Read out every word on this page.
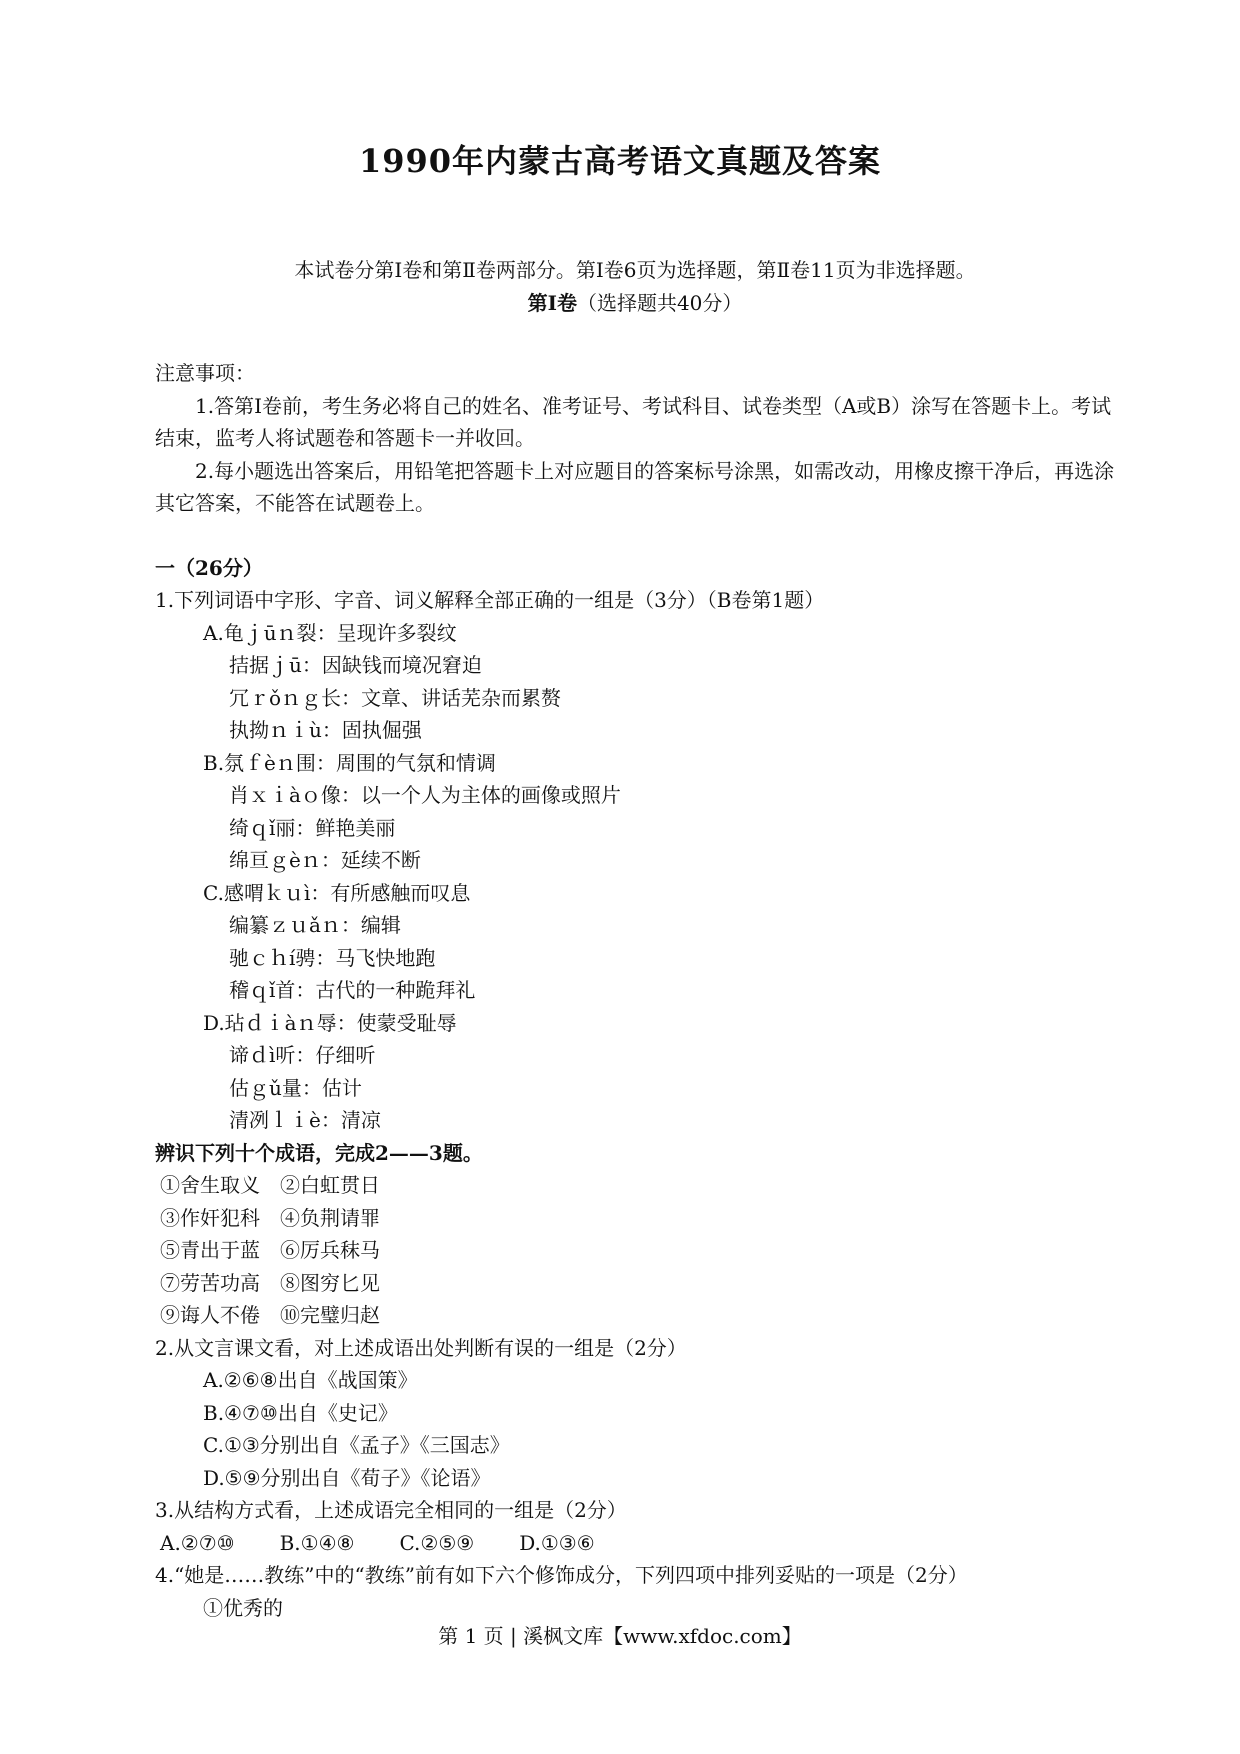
1990年内蒙古高考语文真题及答案

本试卷分第Ⅰ卷和第Ⅱ卷两部分。第Ⅰ卷6页为选择题，第Ⅱ卷11页为非选择题。

第Ⅰ卷（选择题共40分）

注意事项：

1.答第Ⅰ卷前，考生务必将自己的姓名、准考证号、考试科目、试卷类型（A或B）涂写在答题卡上。考试结束，监考人将试题卷和答题卡一并收回。

2.每小题选出答案后，用铅笔把答题卡上对应题目的答案标号涂黑，如需改动，用橡皮擦干净后，再选涂其它答案，不能答在试题卷上。

一（26分）

1.下列词语中字形、字音、词义解释全部正确的一组是（3分）（B卷第1题）

A.龟ｊūｎ裂：呈现许多裂纹

拮据ｊū：因缺钱而境况窘迫

冗ｒǒｎｇ长：文章、讲话芜杂而累赘

执拗ｎｉù：固执倔强

B.氛ｆèｎ围：周围的气氛和情调

肖ｘｉàｏ像：以一个人为主体的画像或照片

绮ｑǐ丽：鲜艳美丽

绵亘ｇèｎ：延续不断

C.感喟ｋｕì：有所感触而叹息

编纂ｚｕǎｎ：编辑

驰ｃｈí骋：马飞快地跑

稽ｑǐ首：古代的一种跪拜礼

D.玷ｄｉàｎ辱：使蒙受耻辱

谛ｄì听：仔细听

估ｇǔ量：估计

清冽ｌｉè：清凉

辨识下列十个成语，完成2——3题。

①舍生取义　②白虹贯日

③作奸犯科　④负荆请罪

⑤青出于蓝　⑥厉兵秣马

⑦劳苦功高　⑧图穷匕见

⑨诲人不倦　⑩完璧归赵

2.从文言课文看，对上述成语出处判断有误的一组是（2分）

A.②⑥⑧出自《战国策》

B.④⑦⑩出自《史记》

C.①③分别出自《孟子》《三国志》

D.⑤⑨分别出自《荀子》《论语》

3.从结构方式看，上述成语完全相同的一组是（2分）

A.②⑦⑩ B.①④⑧ C.②⑤⑨ D.①③⑥

4.“她是……教练”中的“教练”前有如下六个修饰成分，下列四项中排列妥贴的一项是（2分）

①优秀的

第 1 页 | 溪枫文库【www.xfdoc.com】
